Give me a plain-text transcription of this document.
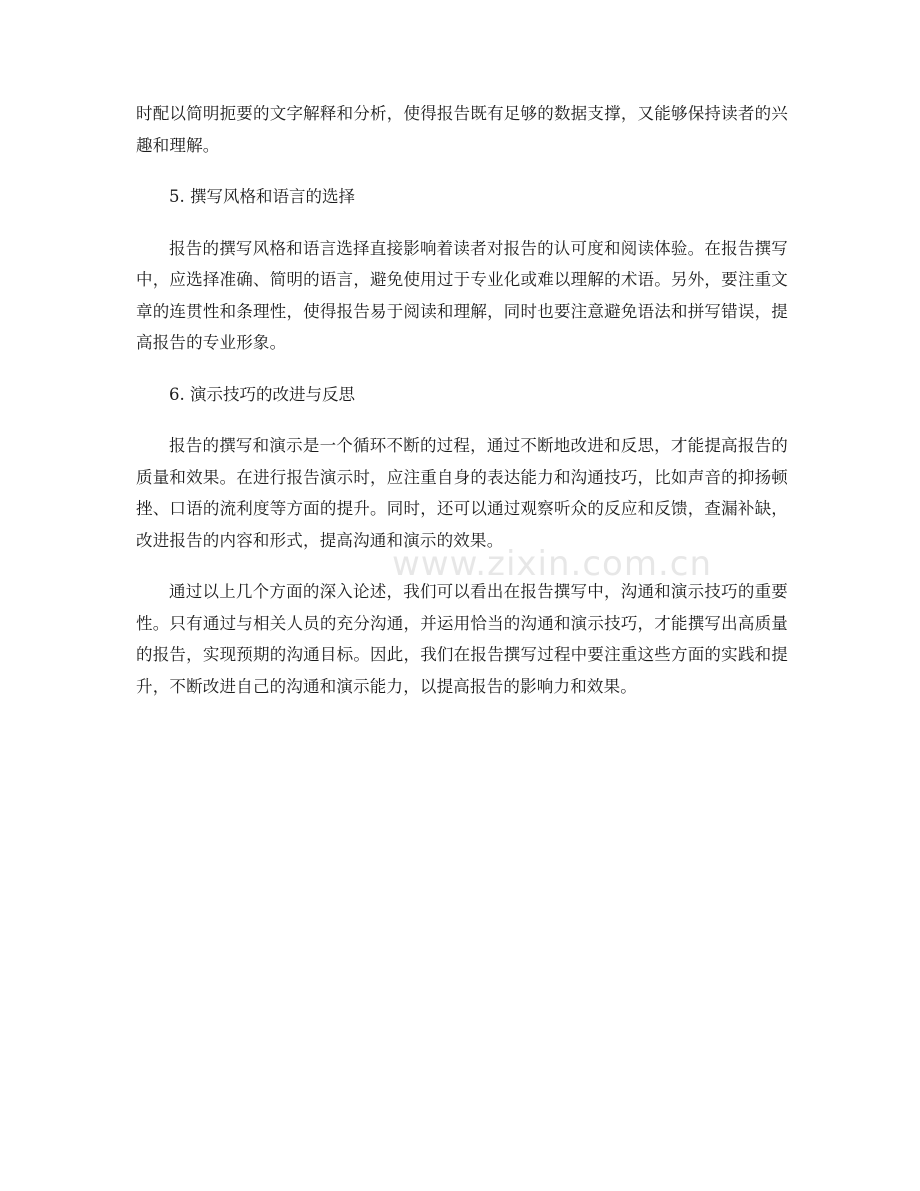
时配以简明扼要的文字解释和分析，使得报告既有足够的数据支撑，又能够保持读者的兴趣和理解。

5. 撰写风格和语言的选择

报告的撰写风格和语言选择直接影响着读者对报告的认可度和阅读体验。在报告撰写中，应选择准确、简明的语言，避免使用过于专业化或难以理解的术语。另外，要注重文章的连贯性和条理性，使得报告易于阅读和理解，同时也要注意避免语法和拼写错误，提高报告的专业形象。

6. 演示技巧的改进与反思

报告的撰写和演示是一个循环不断的过程，通过不断地改进和反思，才能提高报告的质量和效果。在进行报告演示时，应注重自身的表达能力和沟通技巧，比如声音的抑扬顿挫、口语的流利度等方面的提升。同时，还可以通过观察听众的反应和反馈，查漏补缺，改进报告的内容和形式，提高沟通和演示的效果。

通过以上几个方面的深入论述，我们可以看出在报告撰写中，沟通和演示技巧的重要性。只有通过与相关人员的充分沟通，并运用恰当的沟通和演示技巧，才能撰写出高质量的报告，实现预期的沟通目标。因此，我们在报告撰写过程中要注重这些方面的实践和提升，不断改进自己的沟通和演示能力，以提高报告的影响力和效果。

www.zixin.com.cn
